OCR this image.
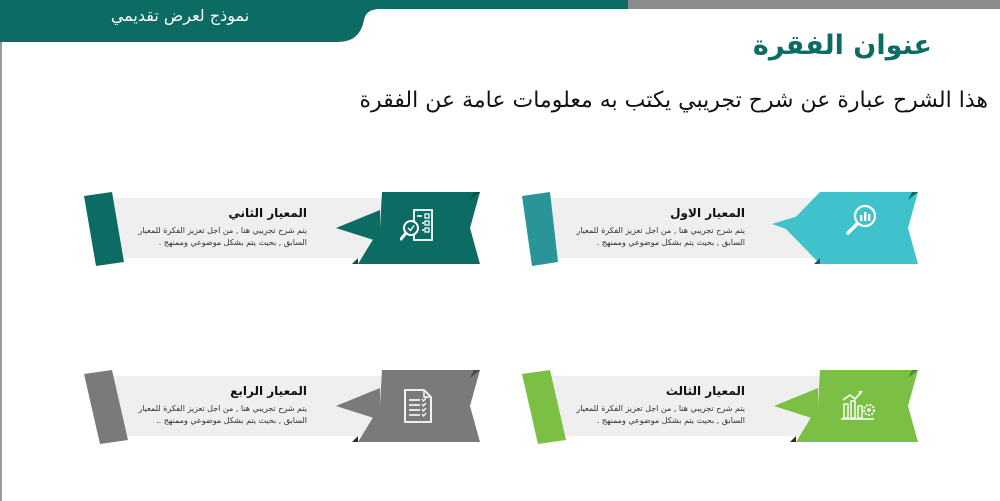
نموذج لعرض تقديمي
عنوان الفقرة
هذا الشرح عبارة عن شرح تجريبي يكتب به معلومات عامة عن الفقرة
المعيار الاول
يتم شرح تجريبي هنا , من اجل تعزيز الفكرة للمعيار السابق , بحيث يتم بشكل موضوعي وممنهج .
المعيار الثاني
يتم شرح تجريبي هنا , من اجل تعزيز الفكرة للمعيار السابق , بحيث يتم بشكل موضوعي وممنهج .
المعيار الثالث
يتم شرح تجريبي هنا , من اجل تعزيز الفكرة للمعيار السابق , بحيث يتم بشكل موضوعي وممنهج .
المعيار الرابع
يتم شرح تجريبي هنا , من اجل تعزيز الفكرة للمعيار السابق , بحيث يتم بشكل موضوعي وممنهج ..
